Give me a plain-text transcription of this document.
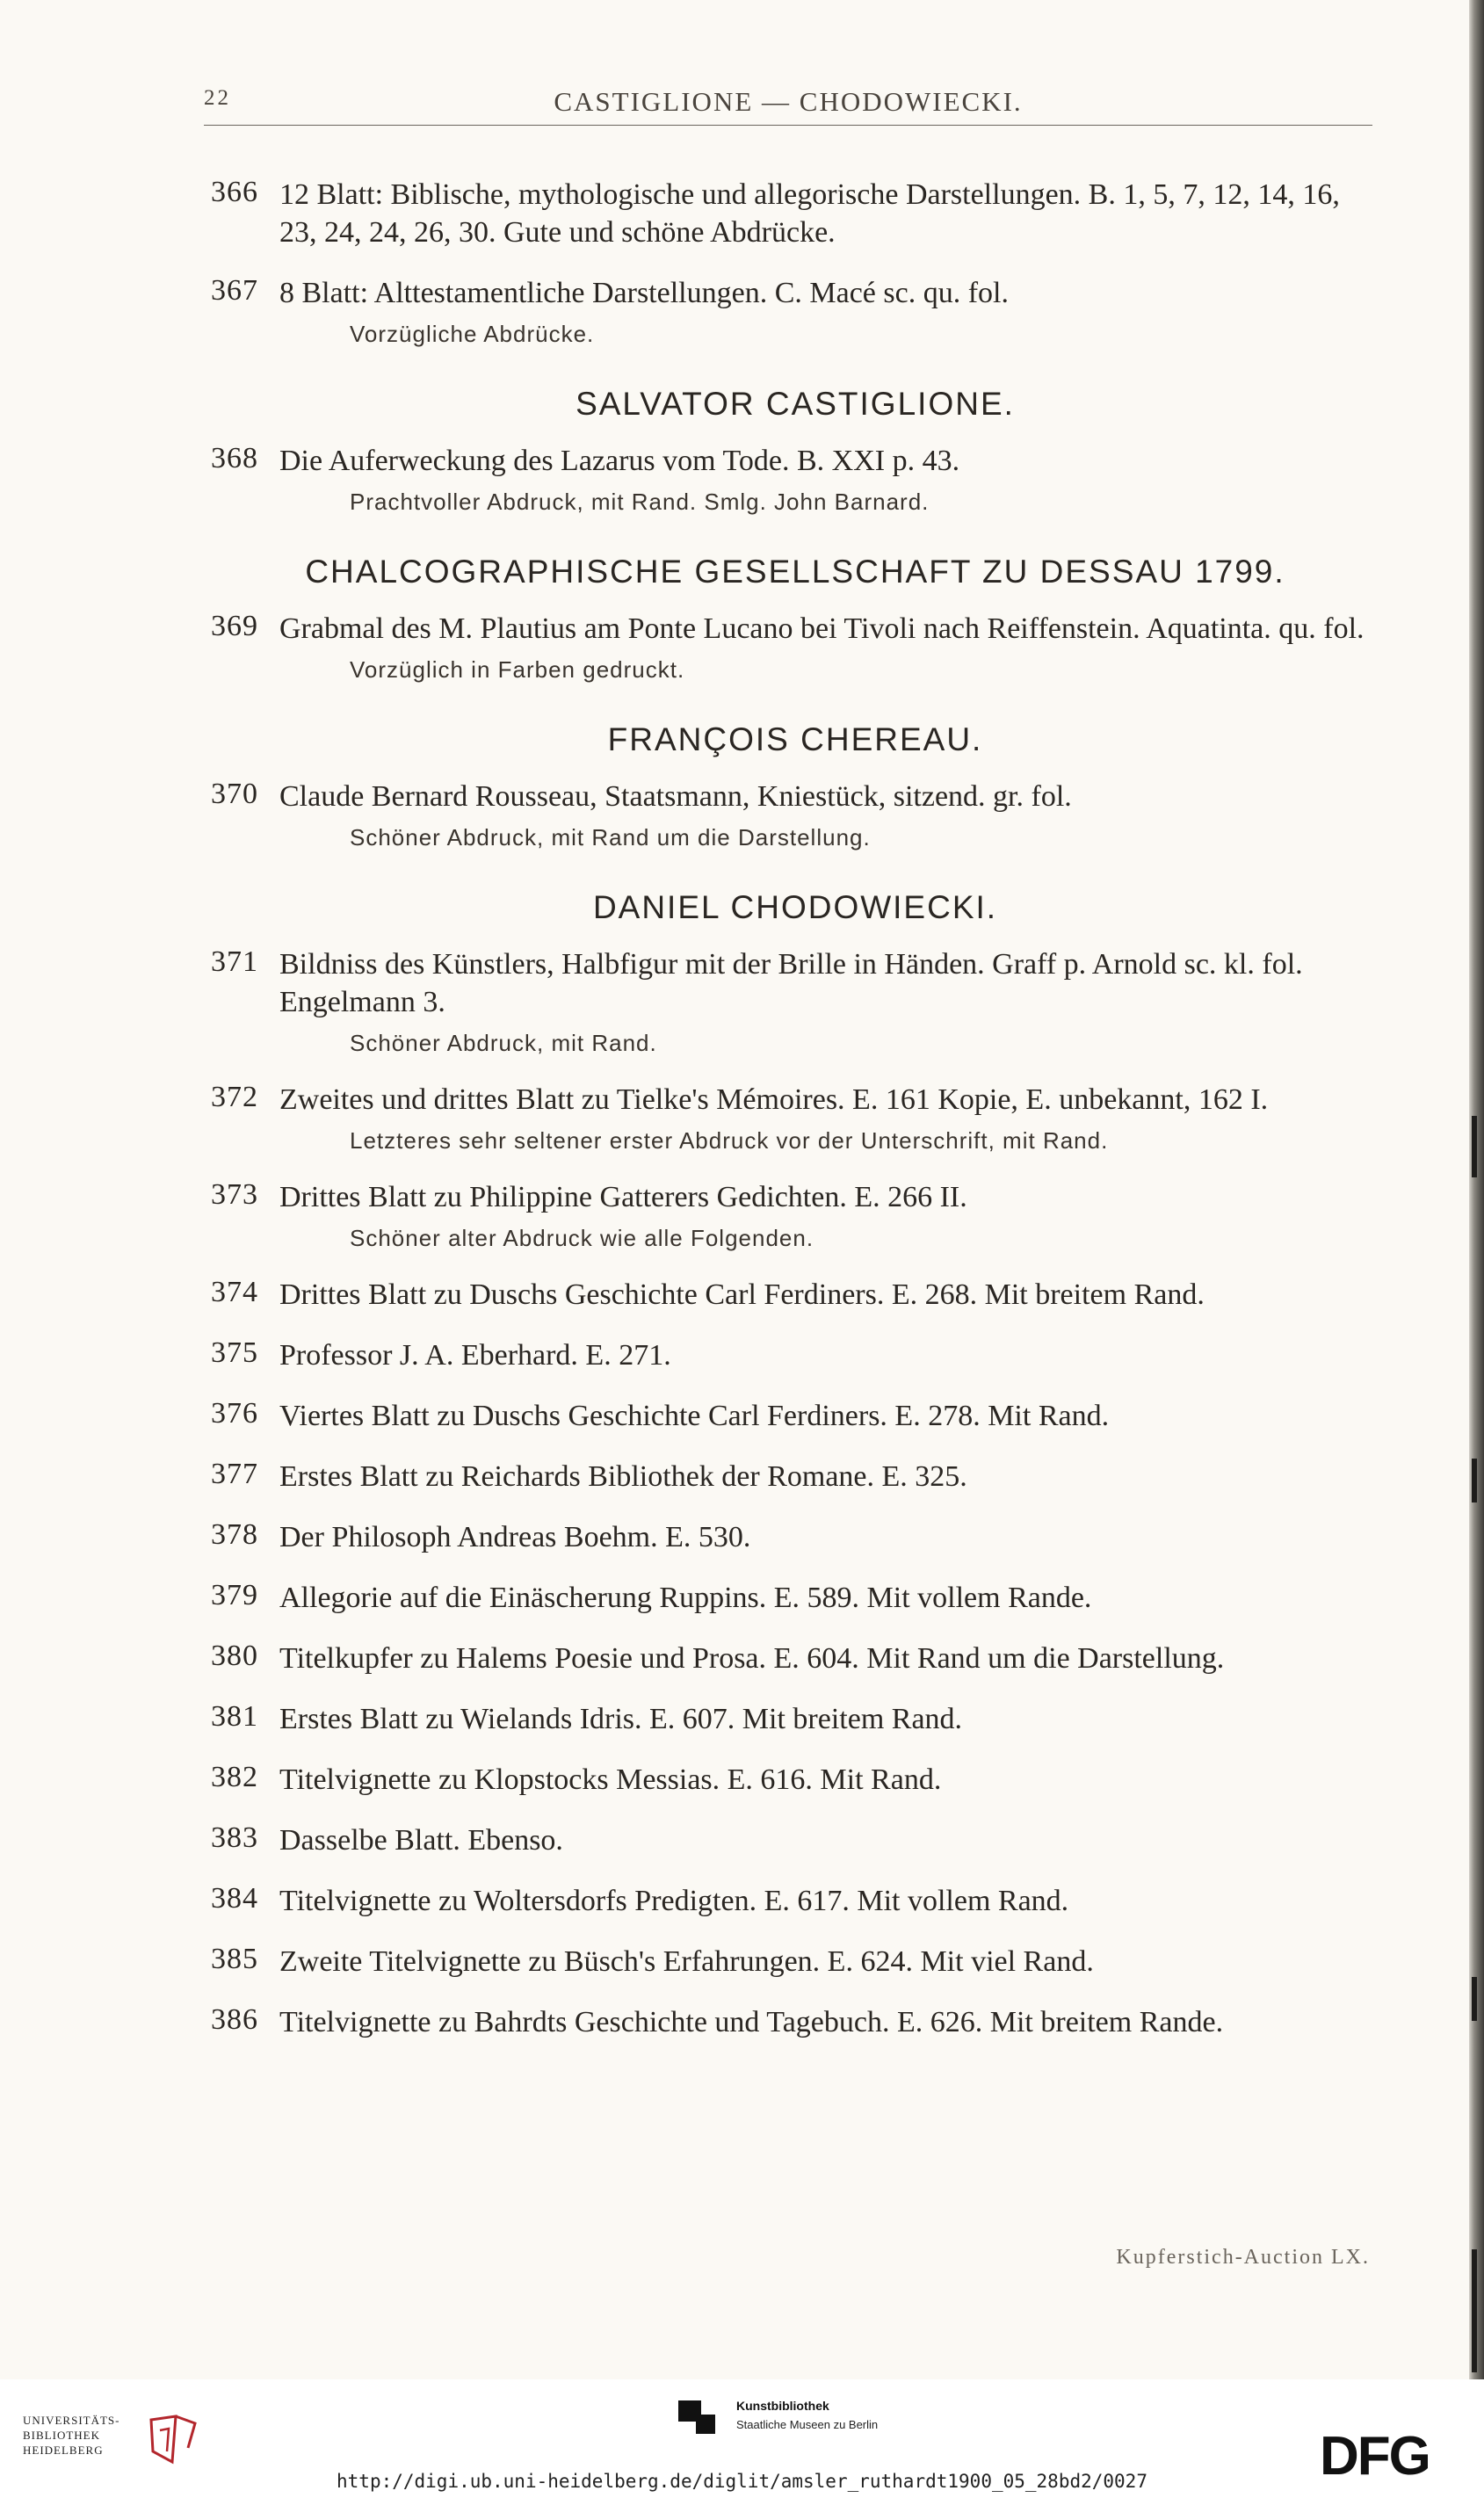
22	CASTIGLIONE — CHODOWIECKI.
366 12 Blatt: Biblische, mythologische und allegorische Darstellungen. B. 1, 5, 7, 12, 14, 16, 23, 24, 24, 26, 30. Gute und schöne Abdrücke.
367 8 Blatt: Alttestamentliche Darstellungen. C. Macé sc. qu. fol.
Vorzügliche Abdrücke.
SALVATOR CASTIGLIONE.
368 Die Auferweckung des Lazarus vom Tode. B. XXI p. 43.
Prachtvoller Abdruck, mit Rand. Smlg. John Barnard.
CHALCOGRAPHISCHE GESELLSCHAFT ZU DESSAU 1799.
369 Grabmal des M. Plautius am Ponte Lucano bei Tivoli nach Reiffenstein. Aquatinta. qu. fol.
Vorzüglich in Farben gedruckt.
FRANÇOIS CHEREAU.
370 Claude Bernard Rousseau, Staatsmann, Kniestück, sitzend. gr. fol.
Schöner Abdruck, mit Rand um die Darstellung.
DANIEL CHODOWIECKI.
371 Bildniss des Künstlers, Halbfigur mit der Brille in Händen. Graff p. Arnold sc. kl. fol. Engelmann 3.
Schöner Abdruck, mit Rand.
372 Zweites und drittes Blatt zu Tielke's Mémoires. E. 161 Kopie, E. unbekannt, 162 I.
Letzteres sehr seltener erster Abdruck vor der Unterschrift, mit Rand.
373 Drittes Blatt zu Philippine Gatterers Gedichten. E. 266 II.
Schöner alter Abdruck wie alle Folgenden.
374 Drittes Blatt zu Duschs Geschichte Carl Ferdiners. E. 268. Mit breitem Rand.
375 Professor J. A. Eberhard. E. 271.
376 Viertes Blatt zu Duschs Geschichte Carl Ferdiners. E. 278. Mit Rand.
377 Erstes Blatt zu Reichards Bibliothek der Romane. E. 325.
378 Der Philosoph Andreas Boehm. E. 530.
379 Allegorie auf die Einäscherung Ruppins. E. 589. Mit vollem Rande.
380 Titelkupfer zu Halems Poesie und Prosa. E. 604. Mit Rand um die Darstellung.
381 Erstes Blatt zu Wielands Idris. E. 607. Mit breitem Rand.
382 Titelvignette zu Klopstocks Messias. E. 616. Mit Rand.
383 Dasselbe Blatt. Ebenso.
384 Titelvignette zu Woltersdorfs Predigten. E. 617. Mit vollem Rand.
385 Zweite Titelvignette zu Büsch's Erfahrungen. E. 624. Mit viel Rand.
386 Titelvignette zu Bahrdts Geschichte und Tagebuch. E. 626. Mit breitem Rande.
Kupferstich-Auction LX.
UNIVERSITÄTS-
BIBLIOTHEK
HEIDELBERG
Kunstbibliothek
Staatliche Museen zu Berlin
DFG
http://digi.ub.uni-heidelberg.de/diglit/amsler_ruthardt1900_05_28bd2/0027
